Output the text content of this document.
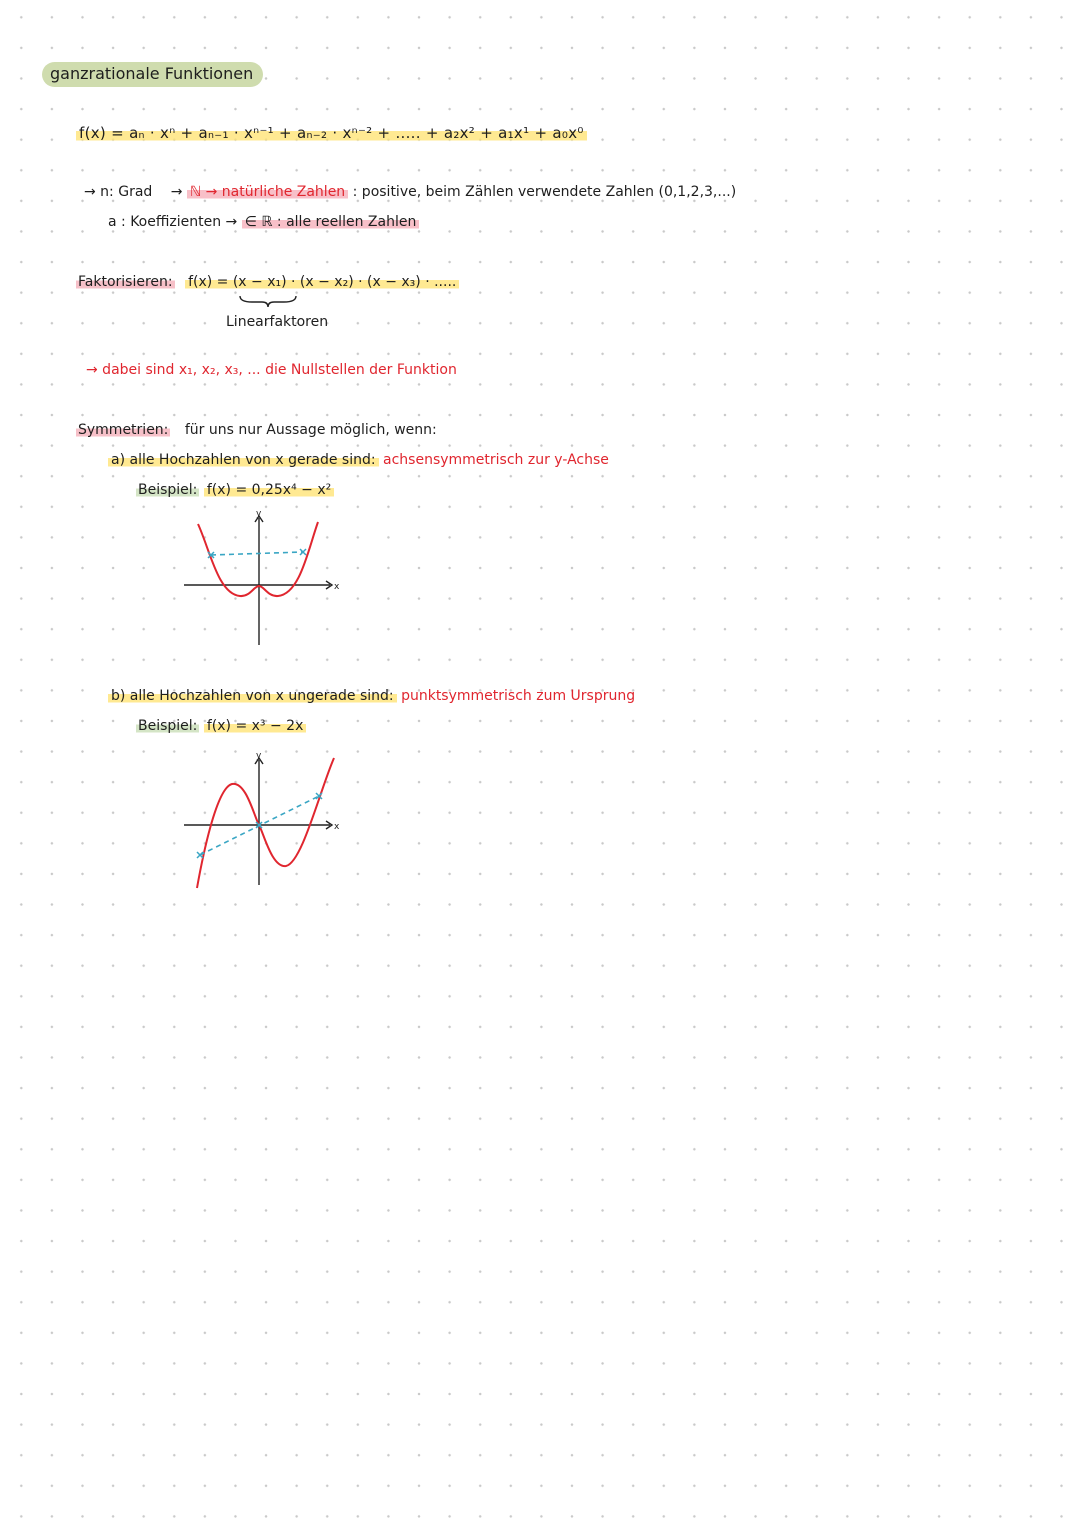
ganzrationale Funktionen
f(x) = aₙ · xⁿ + aₙ₋₁ · xⁿ⁻¹ + aₙ₋₂ · xⁿ⁻² + ..... + a₂x² + a₁x¹ + a₀x⁰
→ n: Grad → ℕ → natürliche Zahlen : positive, beim Zählen verwendete Zahlen (0,1,2,3,...)
a : Koeffizienten → ∈ ℝ : alle reellen Zahlen
Faktorisieren: f(x) = (x − x₁) · (x − x₂) · (x − x₃) · .....
Linearfaktoren
→ dabei sind x₁, x₂, x₃, ... die Nullstellen der Funktion
Symmetrien: für uns nur Aussage möglich, wenn:
a) alle Hochzahlen von x gerade sind: achsensymmetrisch zur y-Achse
Beispiel: f(x) = 0,25x⁴ − x²
x
y
b) alle Hochzahlen von x ungerade sind: punktsymmetrisch zum Ursprung
Beispiel: f(x) = x³ − 2x
x
y
